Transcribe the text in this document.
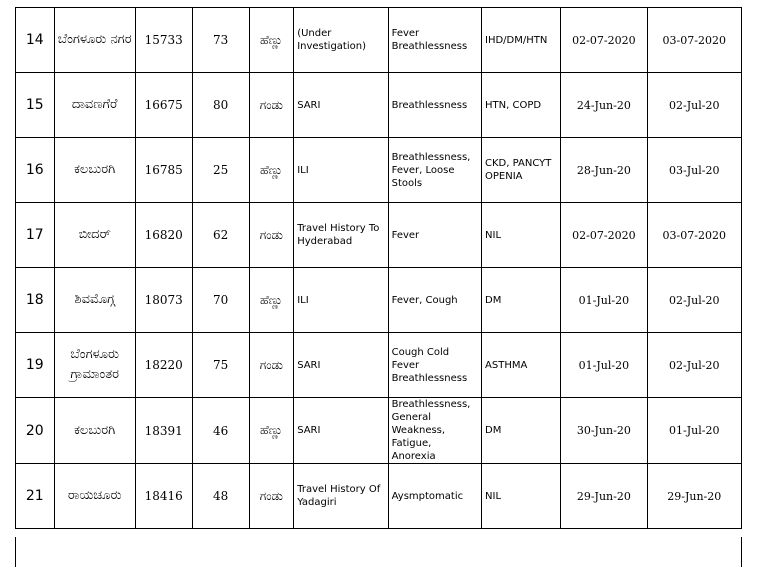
14	ಬೆಂಗಳೂರು ನಗರ	15733	73	ಹೆಣ್ಣು	(Under Investigation)	Fever Breathlessness	IHD/DM/HTN	02-07-2020	03-07-2020
15	ದಾವಣಗೆರೆ	16675	80	ಗಂಡು	SARI	Breathlessness	HTN, COPD	24-Jun-20	02-Jul-20
16	ಕಲಬುರಗಿ	16785	25	ಹೆಣ್ಣು	ILI	Breathlessness, Fever, Loose Stools	CKD, PANCYTOPENIA	28-Jun-20	03-Jul-20
17	ಬೀದರ್	16820	62	ಗಂಡು	Travel History To Hyderabad	Fever	NIL	02-07-2020	03-07-2020
18	ಶಿವಮೊಗ್ಗ	18073	70	ಹೆಣ್ಣು	ILI	Fever, Cough	DM	01-Jul-20	02-Jul-20
19	ಬೆಂಗಳೂರು ಗ್ರಾಮಾಂತರ	18220	75	ಗಂಡು	SARI	Cough Cold Fever Breathlessness	ASTHMA	01-Jul-20	02-Jul-20
20	ಕಲಬುರಗಿ	18391	46	ಹೆಣ್ಣು	SARI	Breathlessness, General Weakness, Fatigue, Anorexia	DM	30-Jun-20	01-Jul-20
21	ರಾಯಚೂರು	18416	48	ಗಂಡು	Travel History Of Yadagiri	Aysmptomatic	NIL	29-Jun-20	29-Jun-20
